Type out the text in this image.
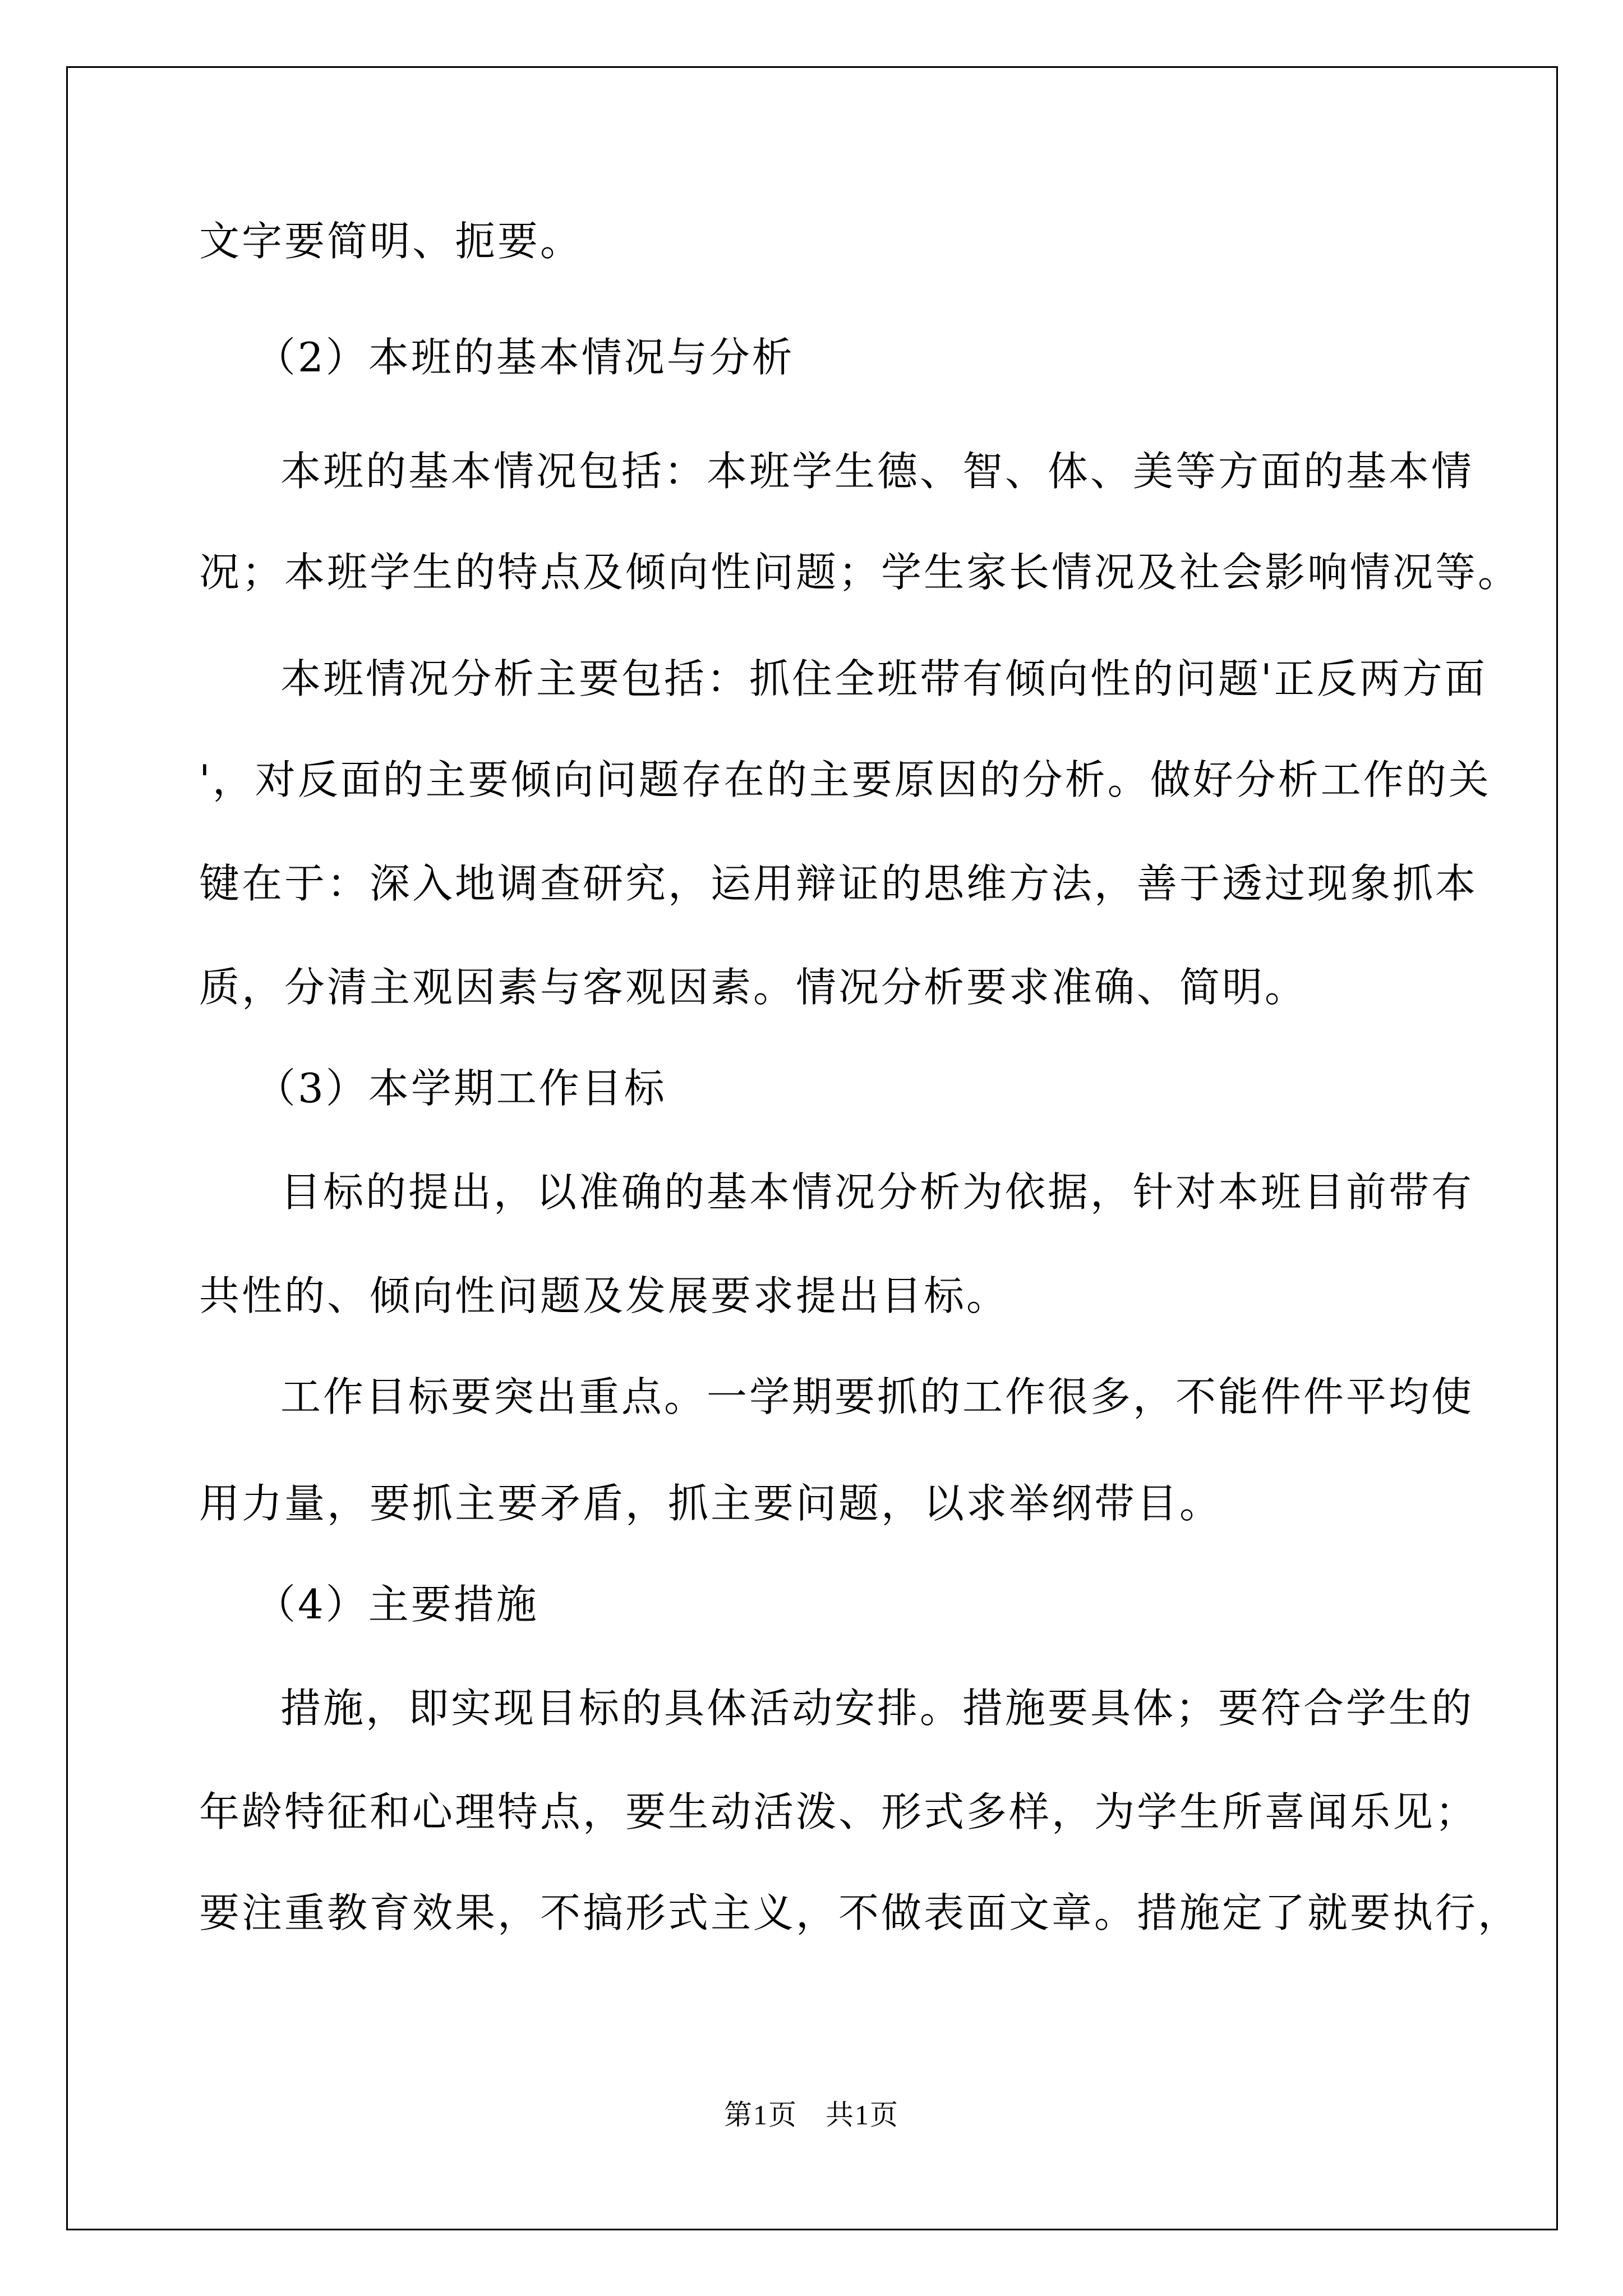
文字要简明、扼要。
（2）本班的基本情况与分析
本班的基本情况包括：本班学生德、智、体、美等方面的基本情
况；本班学生的特点及倾向性问题；学生家长情况及社会影响情况等。
本班情况分析主要包括：抓住全班带有倾向性的问题'正反两方面
'，对反面的主要倾向问题存在的主要原因的分析。做好分析工作的关
键在于：深入地调查研究，运用辩证的思维方法，善于透过现象抓本
质，分清主观因素与客观因素。情况分析要求准确、简明。
（3）本学期工作目标
目标的提出，以准确的基本情况分析为依据，针对本班目前带有
共性的、倾向性问题及发展要求提出目标。
工作目标要突出重点。一学期要抓的工作很多，不能件件平均使
用力量，要抓主要矛盾，抓主要问题，以求举纲带目。
（4）主要措施
措施，即实现目标的具体活动安排。措施要具体；要符合学生的
年龄特征和心理特点，要生动活泼、形式多样，为学生所喜闻乐见；
要注重教育效果，不搞形式主义，不做表面文章。措施定了就要执行，
第1页 共1页
